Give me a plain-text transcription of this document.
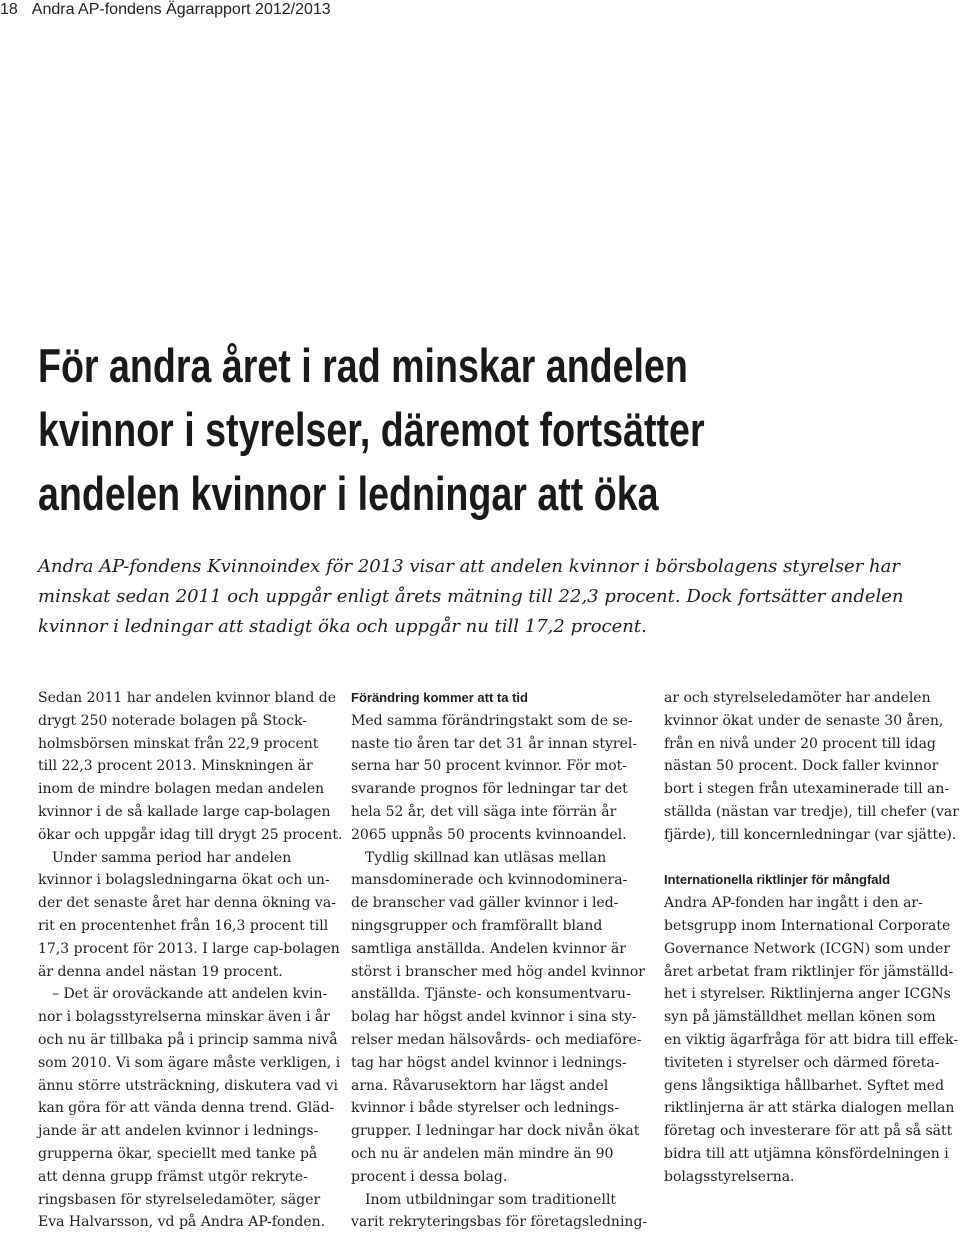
18 Andra AP-fondens Ägarrapport 2012/2013
För andra året i rad minskar andelen
kvinnor i styrelser, däremot fortsätter
andelen kvinnor i ledningar att öka
Andra AP-fondens Kvinnoindex för 2013 visar att andelen kvinnor i börsbolagens styrelser har
minskat sedan 2011 och uppgår enligt årets mätning till 22,3 procent. Dock fortsätter andelen
kvinnor i ledningar att stadigt öka och uppgår nu till 17,2 procent.
Sedan 2011 har andelen kvinnor bland de
drygt 250 noterade bolagen på Stock-
holmsbörsen minskat från 22,9 procent
till 22,3 procent 2013. Minskningen är
inom de mindre bolagen medan andelen
kvinnor i de så kallade large cap-bolagen
ökar och uppgår idag till drygt 25 procent.
Under samma period har andelen
kvinnor i bolagsledningarna ökat och un-
der det senaste året har denna ökning va-
rit en procentenhet från 16,3 procent till
17,3 procent för 2013. I large cap-bolagen
är denna andel nästan 19 procent.
– Det är oroväckande att andelen kvin-
nor i bolagsstyrelserna minskar även i år
och nu är tillbaka på i princip samma nivå
som 2010. Vi som ägare måste verkligen, i
ännu större utsträckning, diskutera vad vi
kan göra för att vända denna trend. Gläd-
jande är att andelen kvinnor i lednings-
grupperna ökar, speciellt med tanke på
att denna grupp främst utgör rekryte-
ringsbasen för styrelseledamöter, säger
Eva Halvarsson, vd på Andra AP-fonden.
Förändring kommer att ta tid
Med samma förändringstakt som de se-
naste tio åren tar det 31 år innan styrel-
serna har 50 procent kvinnor. För mot-
svarande prognos för ledningar tar det
hela 52 år, det vill säga inte förrän år
2065 uppnås 50 procents kvinnoandel.
Tydlig skillnad kan utläsas mellan
mansdominerade och kvinnodominera-
de branscher vad gäller kvinnor i led-
ningsgrupper och framförallt bland
samtliga anställda. Andelen kvinnor är
störst i branscher med hög andel kvinnor
anställda. Tjänste- och konsumentvaru-
bolag har högst andel kvinnor i sina sty-
relser medan hälsovårds- och mediaföre-
tag har högst andel kvinnor i lednings-
arna. Råvarusektorn har lägst andel
kvinnor i både styrelser och lednings-
grupper. I ledningar har dock nivån ökat
och nu är andelen män mindre än 90
procent i dessa bolag.
Inom utbildningar som traditionellt
varit rekryteringsbas för företagsledning-
ar och styrelseledamöter har andelen
kvinnor ökat under de senaste 30 åren,
från en nivå under 20 procent till idag
nästan 50 procent. Dock faller kvinnor
bort i stegen från utexaminerade till an-
ställda (nästan var tredje), till chefer (var
fjärde), till koncernledningar (var sjätte).
Internationella riktlinjer för mångfald
Andra AP-fonden har ingått i den ar-
betsgrupp inom International Corporate
Governance Network (ICGN) som under
året arbetat fram riktlinjer för jämställd-
het i styrelser. Riktlinjerna anger ICGNs
syn på jämställdhet mellan könen som
en viktig ägarfråga för att bidra till effek-
tiviteten i styrelser och därmed företa-
gens långsiktiga hållbarhet. Syftet med
riktlinjerna är att stärka dialogen mellan
företag och investerare för att på så sätt
bidra till att utjämna könsfördelningen i
bolagsstyrelserna.
